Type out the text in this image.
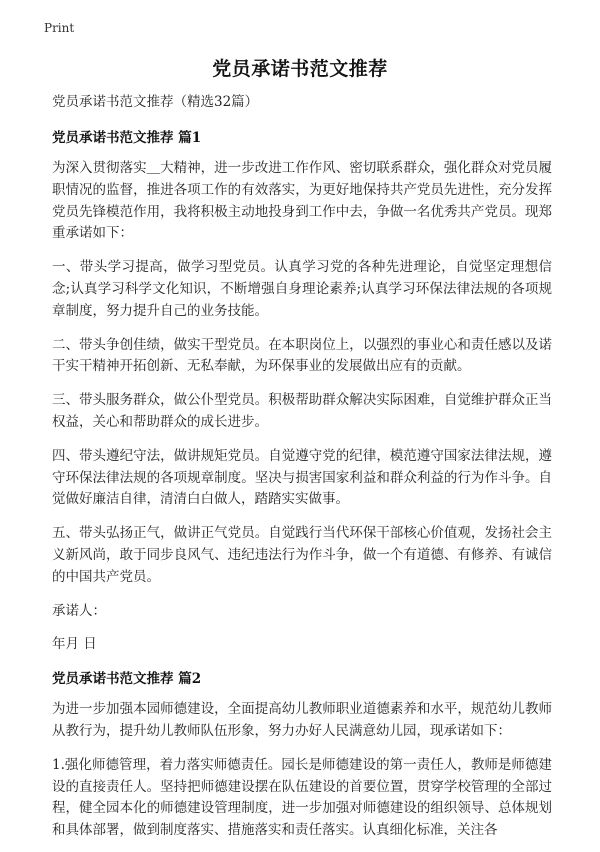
Print
党员承诺书范文推荐
党员承诺书范文推荐（精选32篇）
党员承诺书范文推荐 篇1

为深入贯彻落实＿大精神，进一步改进工作作风、密切联系群众，强化群众对党员履职情况的监督，推进各项工作的有效落实，为更好地保持共产党员先进性，充分发挥党员先锋模范作用，我将积极主动地投身到工作中去，争做一名优秀共产党员。现郑重承诺如下：

一、带头学习提高，做学习型党员。认真学习党的各种先进理论，自觉坚定理想信念;认真学习科学文化知识，不断增强自身理论素养;认真学习环保法律法规的各项规章制度，努力提升自己的业务技能。

二、带头争创佳绩，做实干型党员。在本职岗位上，以强烈的事业心和责任感以及诺干实干精神开拓创新、无私奉献，为环保事业的发展做出应有的贡献。

三、带头服务群众，做公仆型党员。积极帮助群众解决实际困难，自觉维护群众正当权益，关心和帮助群众的成长进步。

四、带头遵纪守法，做讲规矩党员。自觉遵守党的纪律，模范遵守国家法律法规，遵守环保法律法规的各项规章制度。坚决与损害国家利益和群众利益的行为作斗争。自觉做好廉洁自律，清清白白做人，踏踏实实做事。

五、带头弘扬正气，做讲正气党员。自觉践行当代环保干部核心价值观，发扬社会主义新风尚，敢于同步良风气、违纪违法行为作斗争，做一个有道德、有修养、有诚信的中国共产党员。

承诺人：

年月 日

党员承诺书范文推荐 篇2

为进一步加强本园师德建设，全面提高幼儿教师职业道德素养和水平，规范幼儿教师从教行为，提升幼儿教师队伍形象，努力办好人民满意幼儿园，现承诺如下：

1.强化师德管理，着力落实师德责任。园长是师德建设的第一责任人，教师是师德建设的直接责任人。坚持把师德建设摆在队伍建设的首要位置，贯穿学校管理的全部过程，健全园本化的师德建设管理制度，进一步加强对师德建设的组织领导、总体规划和具体部署，做到制度落实、措施落实和责任落实。认真细化标准，关注各
